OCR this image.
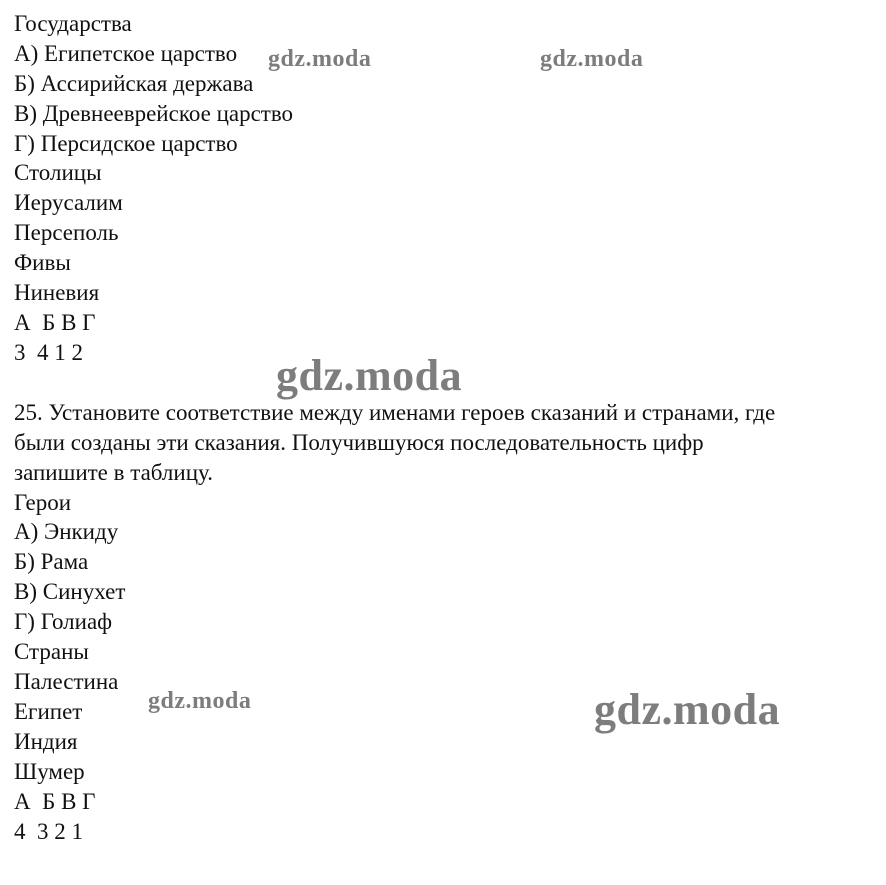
Государства
А) Египетское царство
Б) Ассирийская держава
В) Древнееврейское царство
Г) Персидское царство
Столицы
Иерусалим
Персеполь
Фивы
Ниневия
А  Б В Г
3  4 1 2
25. Установите соответствие между именами героев сказаний и странами, где
были созданы эти сказания. Получившуюся последовательность цифр
запишите в таблицу.
Герои
А) Энкиду
Б) Рама
В) Синухет
Г) Голиаф
Страны
Палестина
Египет
Индия
Шумер
А  Б В Г
4  3 2 1
gdz.moda	gdz.moda
gdz.moda
gdz.moda	gdz.moda
